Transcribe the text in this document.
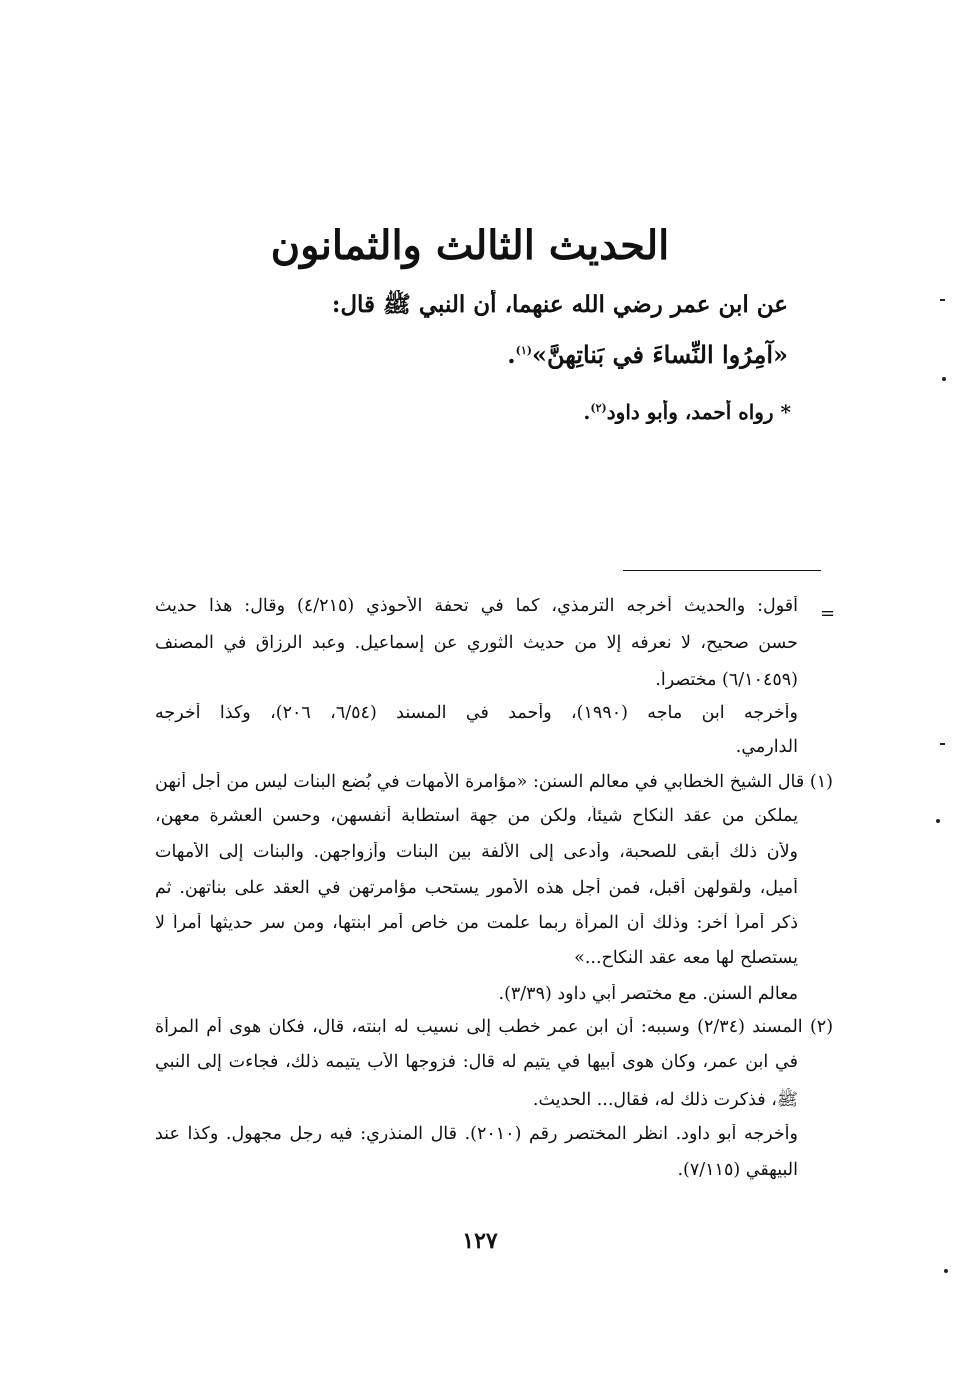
الحديث الثالث والثمانون
عن ابن عمر رضي الله عنهما، أن النبي ﷺ قال:
«آمِرُوا النِّساءَ في بَناتِهِنَّ»$^{(١)}$.
* رواه أحمد، وأبو داود$^{(٢)}$.
=
أقول: والحديث أخرجه الترمذي، كما في تحفة الأحوذي (٤/٢١٥) وقال: هذا حديث
حسن صحيح، لا نعرفه إلا من حديث الثوري عن إسماعيل. وعبد الرزاق في المصنف
(٦/١٠٤٥٩) مختصراً.
وأخرجه ابن ماجه (١٩٩٠)، وأحمد في المسند (٦/٥٤، ٢٠٦)، وكذا أخرجه
الدارمي.
(١) قال الشيخ الخطابي في معالم السنن: «مؤامرة الأمهات في بُضع البنات ليس من أجل أنهن
يملكن من عقد النكاح شيئاً، ولكن من جهة استطابة أنفسهن، وحسن العشرة معهن،
ولأن ذلك أبقى للصحبة، وأدعى إلى الألفة بين البنات وأزواجهن. والبنات إلى الأمهات
أميل، ولقولهن أقبل، فمن أجل هذه الأمور يستحب مؤامرتهن في العقد على بناتهن. ثم
ذكر أمراً آخر: وذلك أن المرأة ربما علمت من خاص أمر ابنتها، ومن سر حديثها أمراً لا
يستصلح لها معه عقد النكاح...»
معالم السنن. مع مختصر أبي داود (٣/٣٩).
(٢) المسند (٢/٣٤) وسببه: أن ابن عمر خطب إلى نسيب له ابنته، قال، فكان هوى أم المرأة
في ابن عمر، وكان هوى أبيها في يتيم له قال: فزوجها الأب يتيمه ذلك، فجاءت إلى النبي
ﷺ، فذكرت ذلك له، فقال... الحديث.
وأخرجه أبو داود. انظر المختصر رقم (٢٠١٠). قال المنذري: فيه رجل مجهول. وكذا عند
البيهقي (٧/١١٥).
١٢٧
